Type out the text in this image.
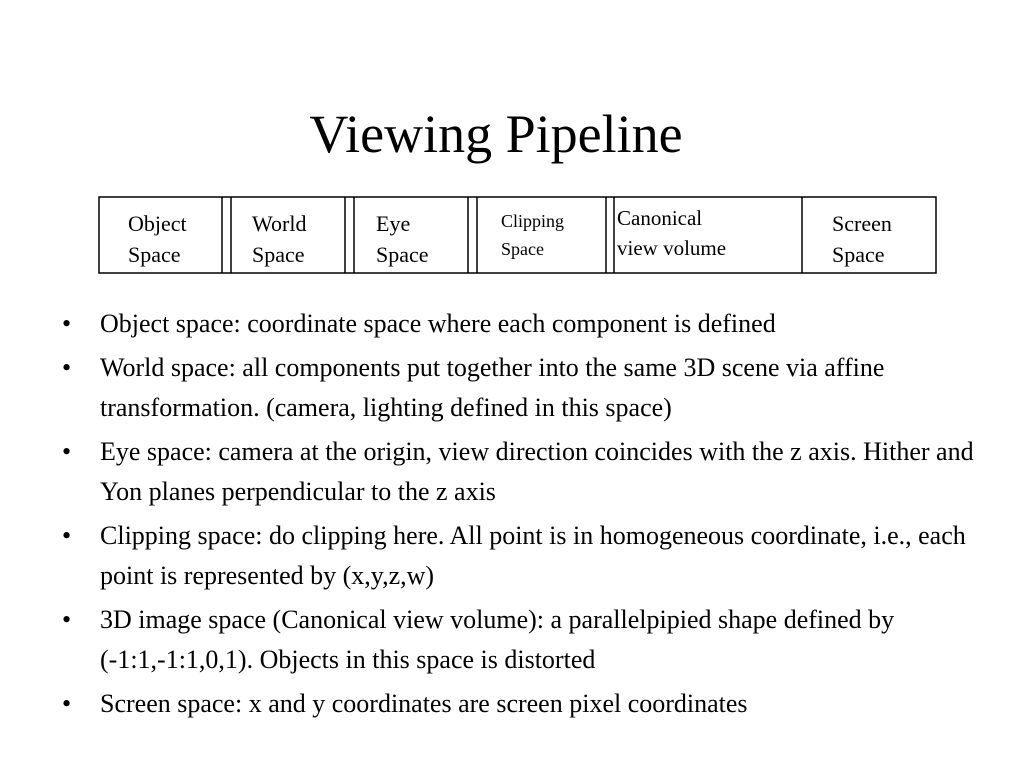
Viewing Pipeline
Object
Space
World
Space
Eye
Space
Clipping
Space
Canonical
view volume
Screen
Space
• Object space: coordinate space where each component is defined
• World space: all components put together into the same 3D scene via affine transformation. (camera, lighting defined in this space)
• Eye space: camera at the origin, view direction coincides with the z axis. Hither and Yon planes perpendicular to the z axis
• Clipping space: do clipping here. All point is in homogeneous coordinate, i.e., each point is represented by (x,y,z,w)
• 3D image space (Canonical view volume): a parallelpipied shape defined by (-1:1,-1:1,0,1). Objects in this space is distorted
• Screen space: x and y coordinates are screen pixel coordinates
